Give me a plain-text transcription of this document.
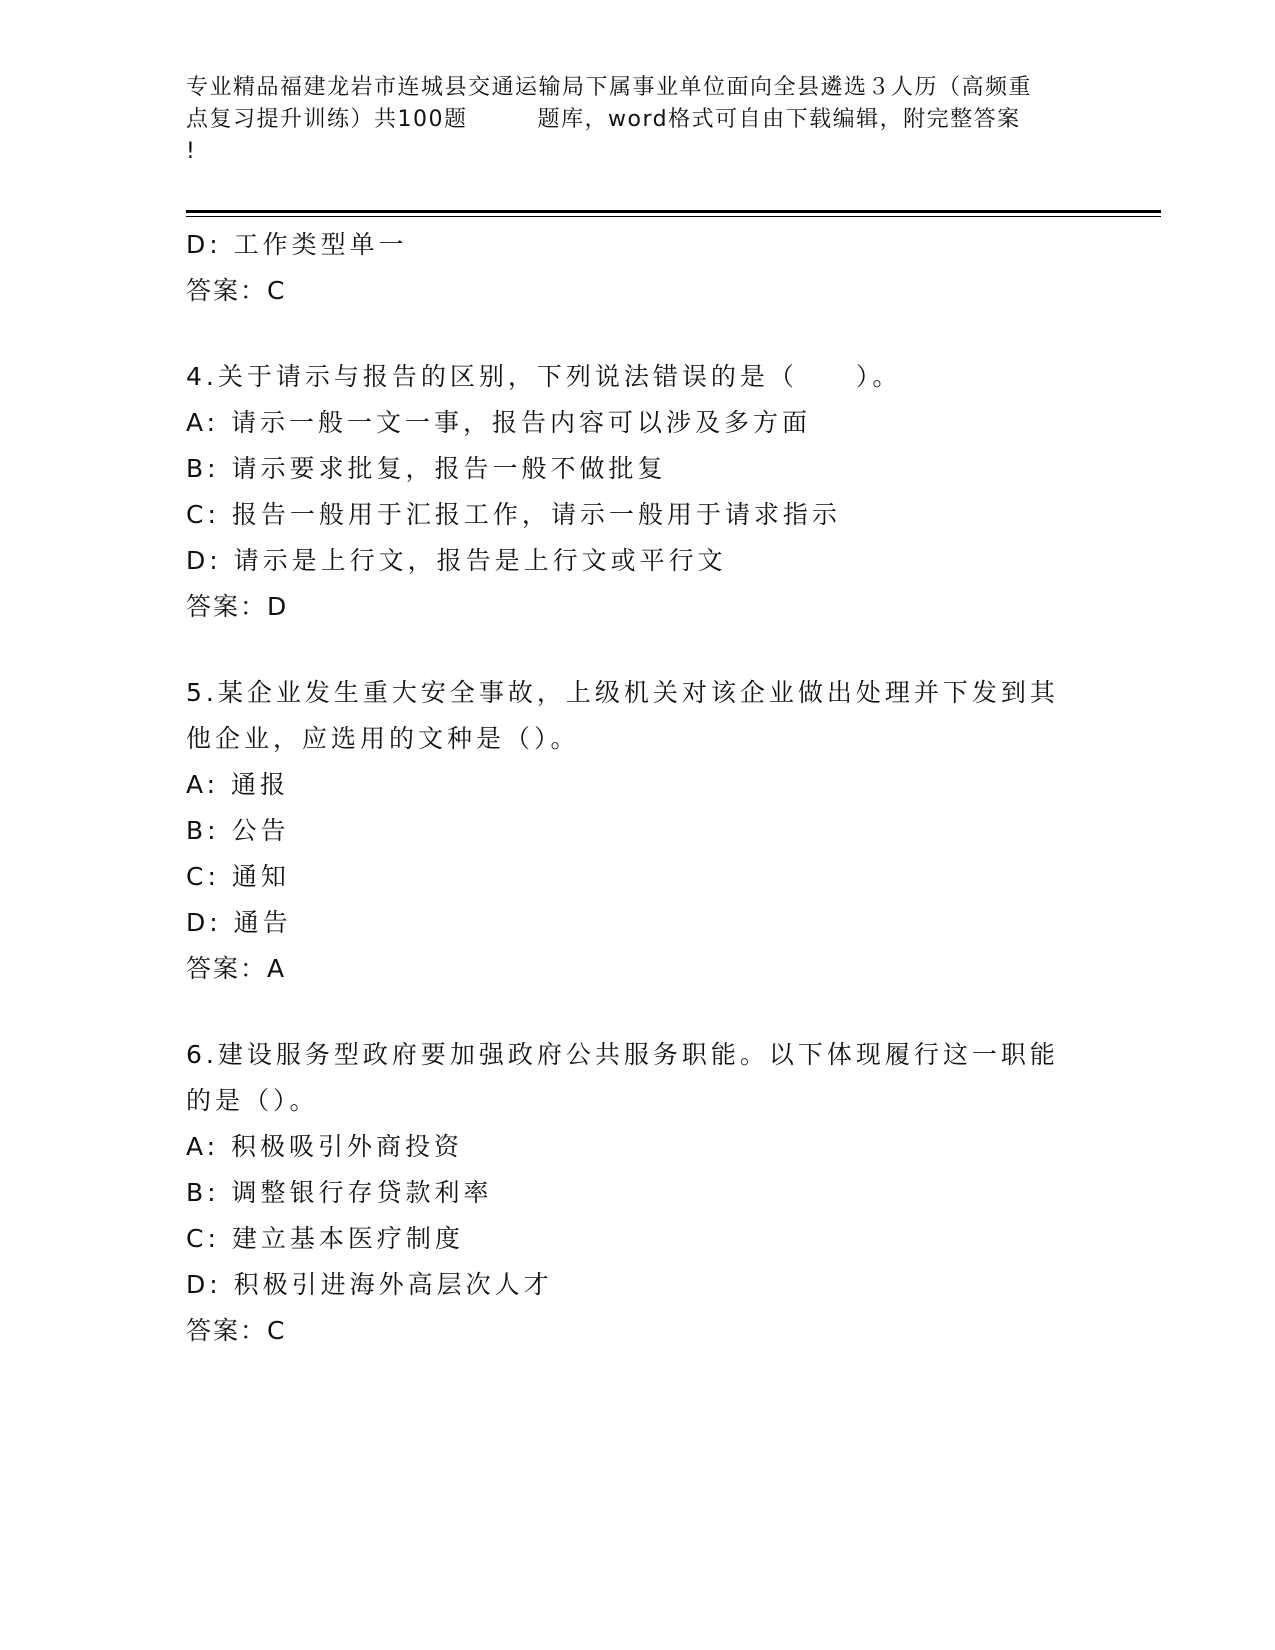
专业精品福建龙岩市连城县交通运输局下属事业单位面向全县遴选３人历（高频重
点复习提升训练）共100题	题库，word格式可自由下载编辑，附完整答案
!
D: 工作类型单一
答案：C
4.关于请示与报告的区别，下列说法错误的是（　　）。
A: 请示一般一文一事，报告内容可以涉及多方面
B: 请示要求批复，报告一般不做批复
C: 报告一般用于汇报工作，请示一般用于请求指示
D: 请示是上行文，报告是上行文或平行文
答案：D
5.某企业发生重大安全事故，上级机关对该企业做出处理并下发到其
他企业，应选用的文种是（）。
A: 通报
B: 公告
C: 通知
D: 通告
答案：A
6.建设服务型政府要加强政府公共服务职能。以下体现履行这一职能
的是（）。
A: 积极吸引外商投资
B: 调整银行存贷款利率
C: 建立基本医疗制度
D: 积极引进海外高层次人才
答案：C
